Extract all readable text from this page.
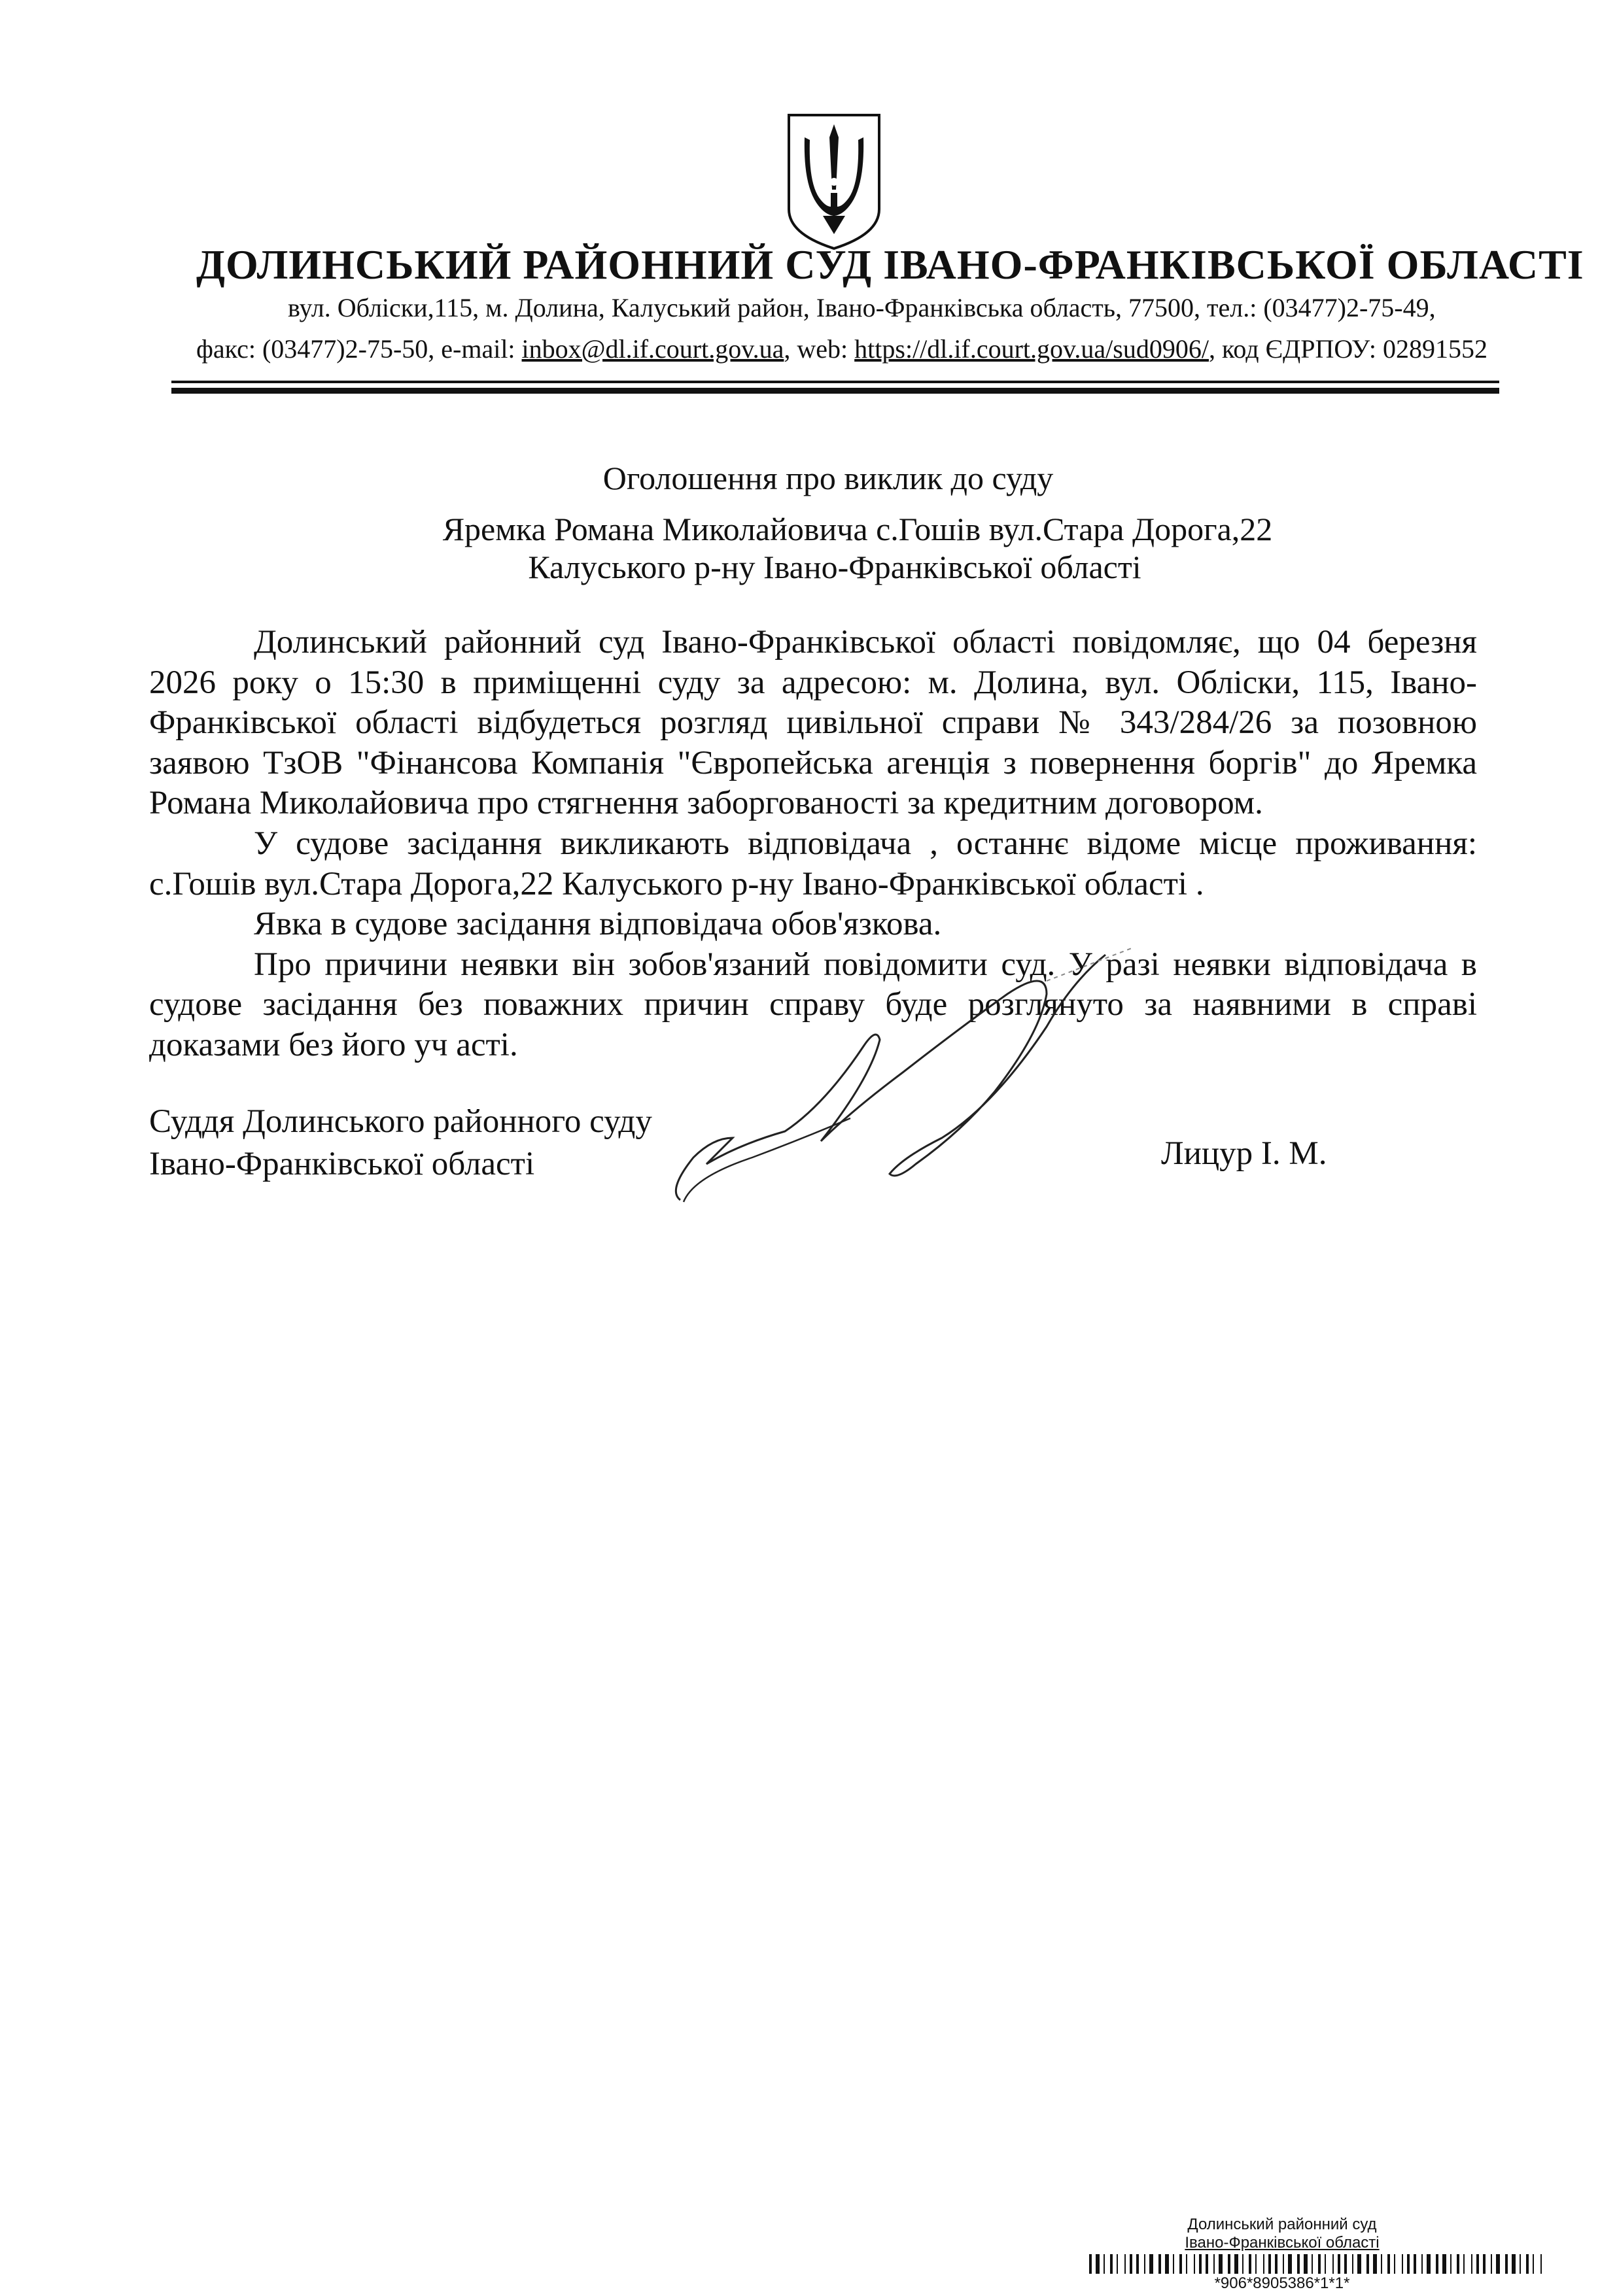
ДОЛИНСЬКИЙ РАЙОННИЙ СУД ІВАНО-ФРАНКІВСЬКОЇ ОБЛАСТІ
вул. Обліски,115, м. Долина, Калуський район, Івано-Франківська область, 77500, тел.: (03477)2-75-49,
факс: (03477)2-75-50, e-mail: inbox@dl.if.court.gov.ua, web: https://dl.if.court.gov.ua/sud0906/, код ЄДРПОУ: 02891552
Оголошення про виклик до суду
Яремка Романа Миколайовича с.Гошів вул.Стара Дорога,22
Калуського р-ну Івано-Франківської області

Долинський районний суд Івано-Франківської області повідомляє, що 04 березня 2026 року о 15:30 в приміщенні суду за адресою: м. Долина, вул. Обліски, 115, Івано-Франківської області відбудеться розгляд цивільної справи № 343/284/26 за позовною заявою ТзОВ "Фінансова Компанія "Європейська агенція з повернення боргів" до Яремка Романа Миколайовича про стягнення заборгованості за кредитним договором.

У судове засідання викликають відповідача , останнє відоме місце проживання: с.Гошів вул.Стара Дорога,22 Калуського р-ну Івано-Франківської області .

Явка в судове засідання відповідача обов'язкова.

Про причини неявки він зобов'язаний повідомити суд. У разі неявки відповідача в судове засідання без поважних причин справу буде розглянуто за наявними в справі доказами без його уч асті.

Суддя Долинського районного суду
Івано-Франківської області	Лицур І. М.
Долинський районний суд
Івано-Франківської області
*906*8905386*1*1*
